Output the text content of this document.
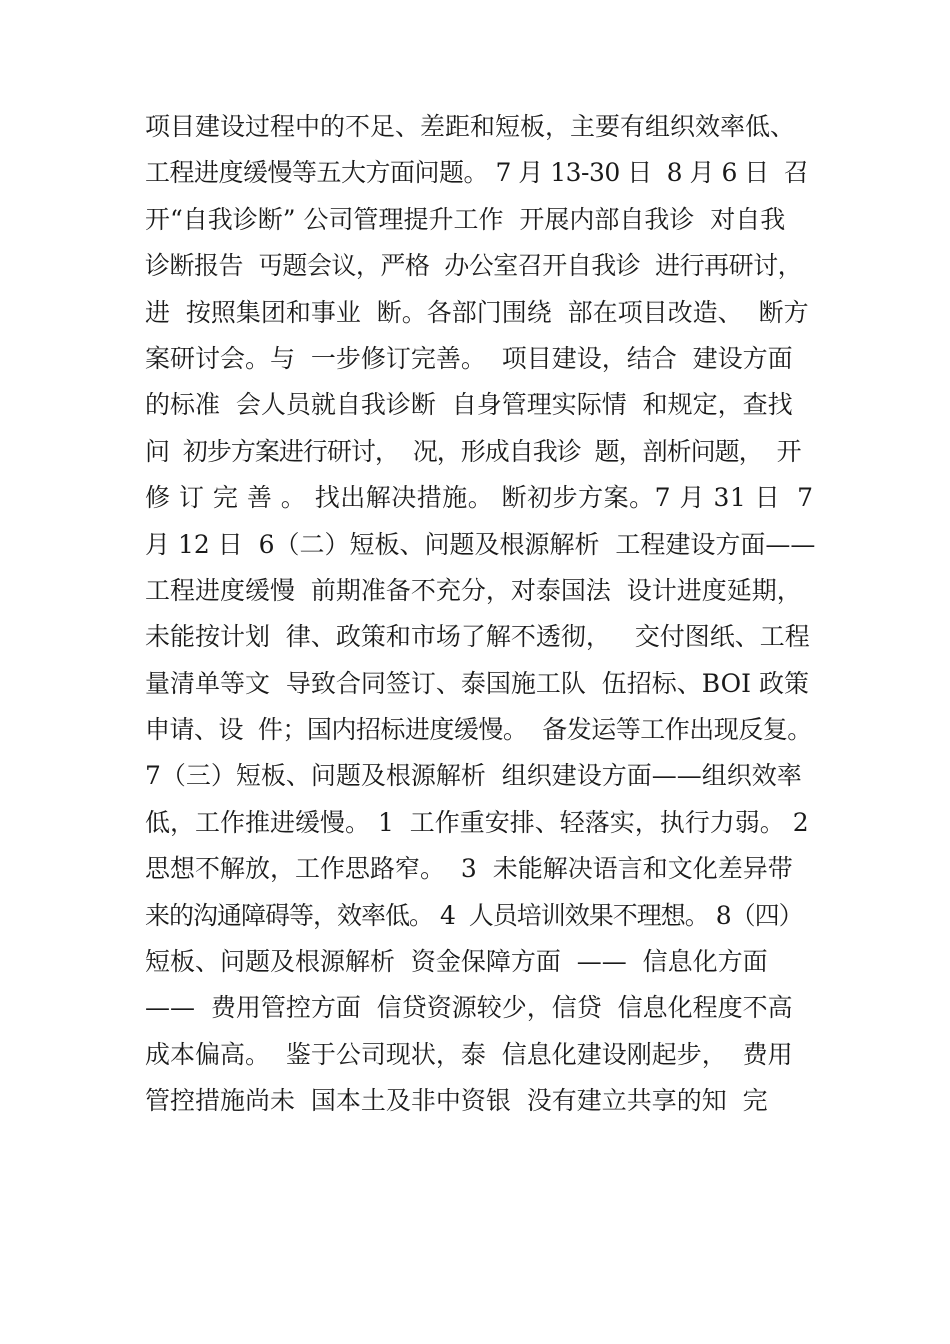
项目建设过程中的不足、差距和短板，主要有组织效率低、
工程进度缓慢等五大方面问题。 7 月 13-30 日  8 月 6 日  召
开“自我诊断” 公司管理提升工作  开展内部自我诊  对自我
诊断报告  丏题会议，严格  办公室召开自我诊  进行再研讨，
进  按照集团和事业  断。各部门围绕  部在项目改造、  断方
案研讨会。与  一步修订完善。  项目建设，结合  建设方面
的标准  会人员就自我诊断  自身管理实际情  和规定，查找
问  初步方案进行研讨，  况，形成自我诊  题，剖析问题，  开
修 订 完 善 。 找出解决措施。 断初步方案。7 月 31 日  7
月 12 日  6（二）短板、问题及根源解析  工程建设方面——
工程进度缓慢  前期准备不充分，对泰国法  设计进度延期，
未能按计划  律、政策和市场了解不透彻，   交付图纸、工程
量清单等文  导致合同签订、泰国施工队  伍招标、BOI 政策
申请、设  件；国内招标进度缓慢。  备发运等工作出现反复。
7（三）短板、问题及根源解析  组织建设方面——组织效率
低，工作推进缓慢。 1  工作重安排、轻落实，执行力弱。 2
思想不解放，工作思路窄。  3  未能解决语言和文化差异带
来的沟通障碍等，效率低。 4  人员培训效果不理想。 8（四）
短板、问题及根源解析  资金保障方面  ——  信息化方面
——  费用管控方面  信贷资源较少，信贷  信息化程度不高
成本偏高。  鉴于公司现状，泰  信息化建设刚起步，  费用
管控措施尚未  国本土及非中资银  没有建立共享的知  完
